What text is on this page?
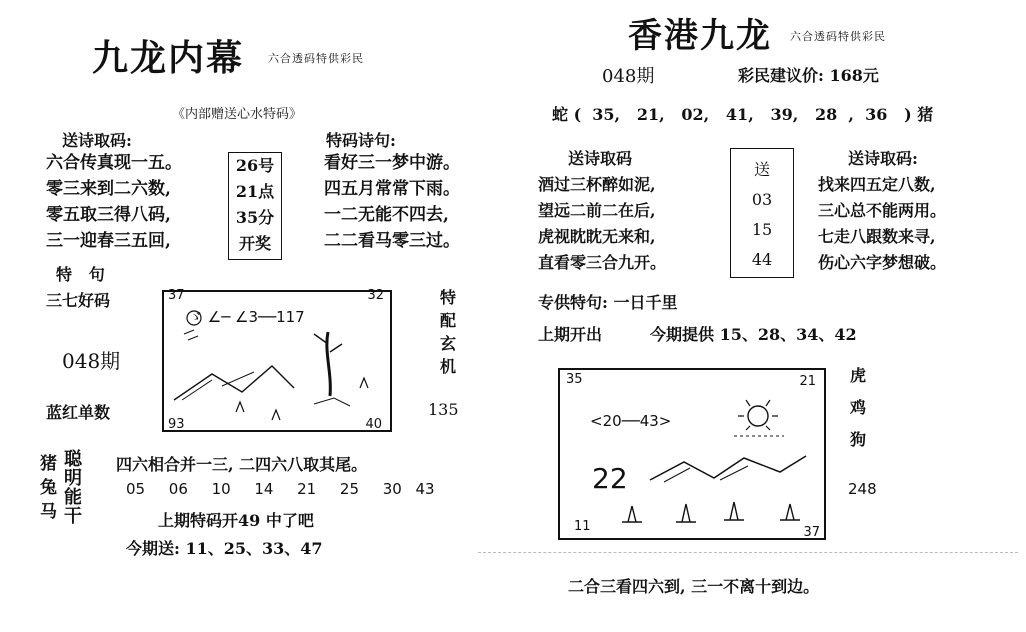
九龙内幕 六合透码特供彩民
《内部赠送心水特码》
送诗取码:	特码诗句:
六合传真现一五。
零三来到二六数,
零五取三得八码,
三一迎春三五回,
26号
21点
35分
开奖
看好三一梦中游。
四五月常常下雨。
一二无能不四去,
二二看马零三过。
特   句
三七好码
048期
蓝红单数	135
特
配
玄
机
37	32
93	40
ゞ ∠─ ∠3──117
猪
兔
马
聪
明
能
干
四六相合并一三, 二四六八取其尾。
05 06 10 14 21 25 30 43
上期特码开49 中了吧
今期送: 11、25、33、47
香港九龙 六合透码特供彩民
048期	彩民建议价: 168元
蛇 (  35,   21,   02,   41,   39,   28  ,  36   ) 猪
送诗取码	送诗取码:
酒过三杯醉如泥,
望远二前二在后,
虎视眈眈无来和,
直看零三合九开。
送
03
15
44
找来四五定八数,
三心总不能两用。
七走八跟数来寻,
伤心六字梦想破。
专供特句: 一日千里
上期开出	今期提供 15、28、34、42
35	21
11	37
<20──43>
22
虎
鸡
狗
248
二合三看四六到, 三一不离十到边。
